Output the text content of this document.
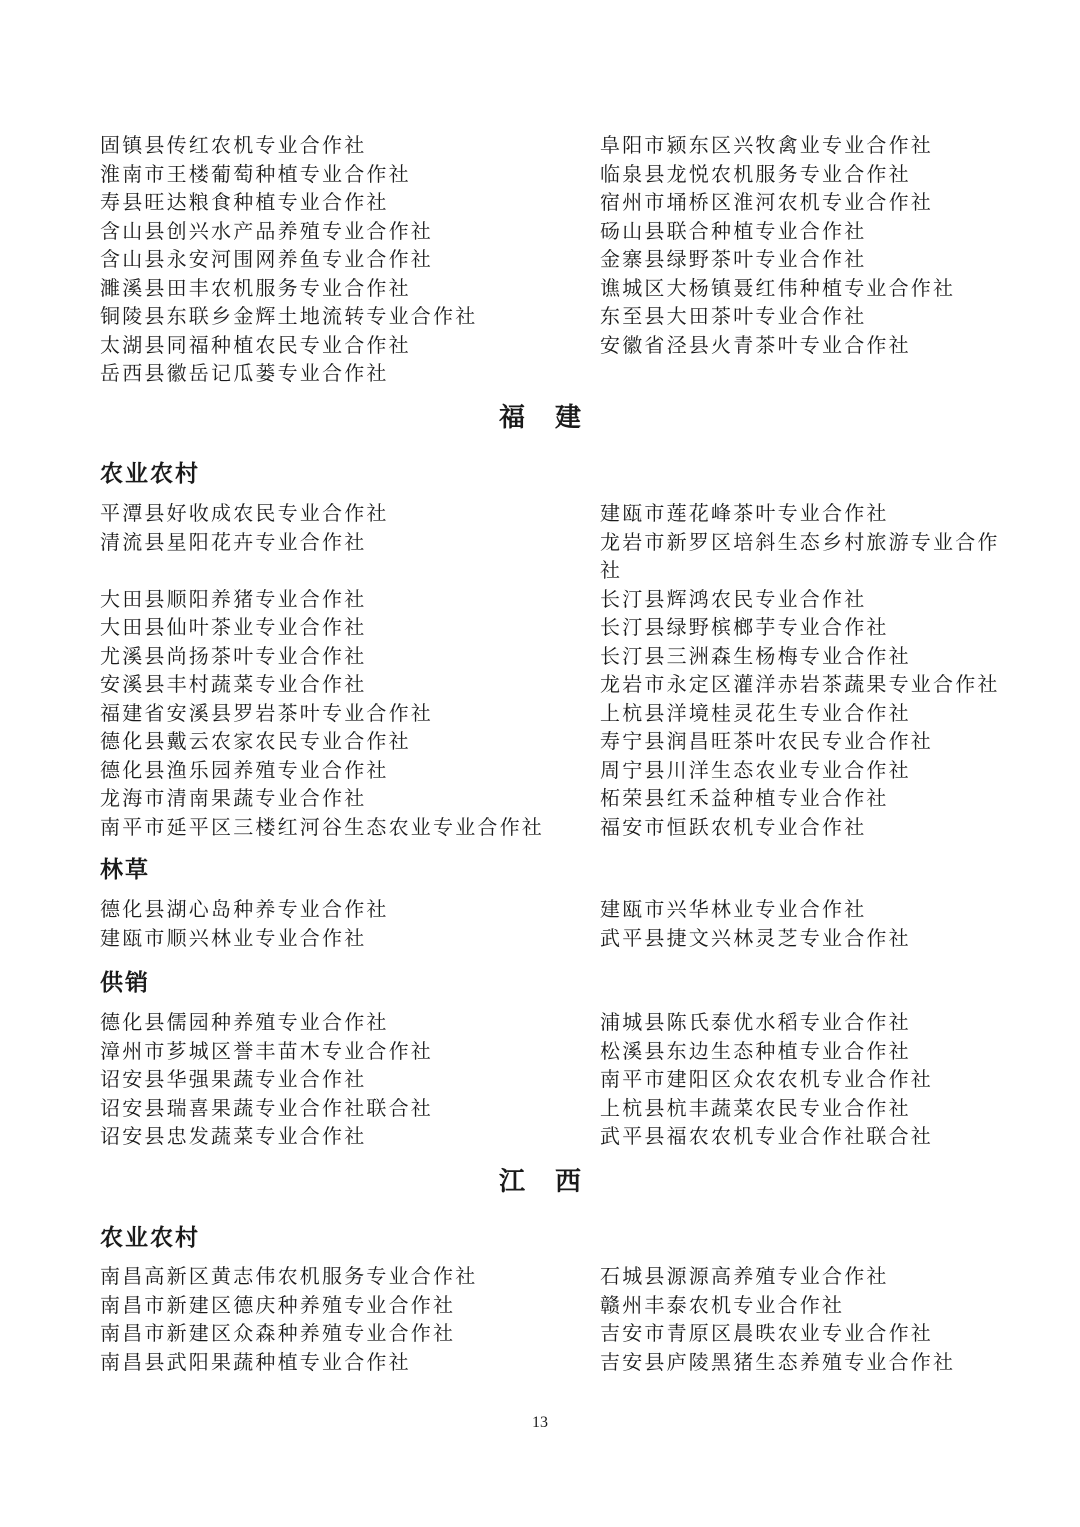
固镇县传红农机专业合作社
淮南市王楼葡萄种植专业合作社
寿县旺达粮食种植专业合作社
含山县创兴水产品养殖专业合作社
含山县永安河围网养鱼专业合作社
濉溪县田丰农机服务专业合作社
铜陵县东联乡金辉土地流转专业合作社
太湖县同福种植农民专业合作社
岳西县徽岳记瓜蒌专业合作社
阜阳市颍东区兴牧禽业专业合作社
临泉县龙悦农机服务专业合作社
宿州市埇桥区淮河农机专业合作社
砀山县联合种植专业合作社
金寨县绿野茶叶专业合作社
谯城区大杨镇聂红伟种植专业合作社
东至县大田茶叶专业合作社
安徽省泾县火青茶叶专业合作社
福建
农业农村
平潭县好收成农民专业合作社
清流县星阳花卉专业合作社

大田县顺阳养猪专业合作社
大田县仙叶茶业专业合作社
尤溪县尚扬茶叶专业合作社
安溪县丰村蔬菜专业合作社
福建省安溪县罗岩茶叶专业合作社
德化县戴云农家农民专业合作社
德化县渔乐园养殖专业合作社
龙海市清南果蔬专业合作社
南平市延平区三楼红河谷生态农业专业合作社
建瓯市莲花峰茶叶专业合作社
龙岩市新罗区培斜生态乡村旅游专业合作社
长汀县辉鸿农民专业合作社
长汀县绿野槟榔芋专业合作社
长汀县三洲森生杨梅专业合作社
龙岩市永定区灌洋赤岩茶蔬果专业合作社
上杭县洋境桂灵花生专业合作社
寿宁县润昌旺茶叶农民专业合作社
周宁县川洋生态农业专业合作社
柘荣县红禾益种植专业合作社
福安市恒跃农机专业合作社
林草
德化县湖心岛种养专业合作社
建瓯市顺兴林业专业合作社
建瓯市兴华林业专业合作社
武平县捷文兴林灵芝专业合作社
供销
德化县儒园种养殖专业合作社
漳州市芗城区誉丰苗木专业合作社
诏安县华强果蔬专业合作社
诏安县瑞喜果蔬专业合作社联合社
诏安县忠发蔬菜专业合作社
浦城县陈氏泰优水稻专业合作社
松溪县东边生态种植专业合作社
南平市建阳区众农农机专业合作社
上杭县杭丰蔬菜农民专业合作社
武平县福农农机专业合作社联合社
江西
农业农村
南昌高新区黄志伟农机服务专业合作社
南昌市新建区德庆种养殖专业合作社
南昌市新建区众森种养殖专业合作社
南昌县武阳果蔬种植专业合作社
石城县源源高养殖专业合作社
赣州丰泰农机专业合作社
吉安市青原区晨昳农业专业合作社
吉安县庐陵黑猪生态养殖专业合作社
13
